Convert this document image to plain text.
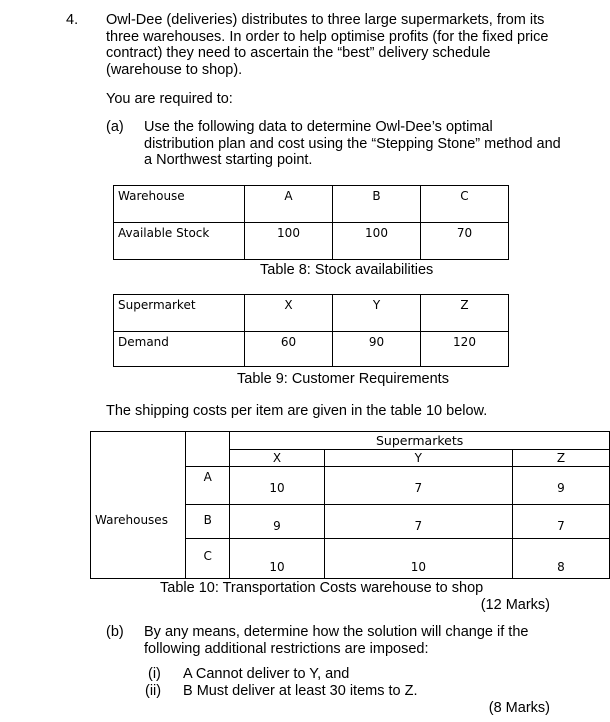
4. Owl-Dee (deliveries) distributes to three large supermarkets, from its three warehouses. In order to help optimise profits (for the fixed price contract) they need to ascertain the “best” delivery schedule (warehouse to shop).
You are required to:
(a) Use the following data to determine Owl-Dee’s optimal distribution plan and cost using the “Stepping Stone” method and a Northwest starting point.
Warehouse	A	B	C
Available Stock	100	100	70
Table 8: Stock availabilities
Supermarket	X	Y	Z
Demand	60	90	120
Table 9: Customer Requirements
The shipping costs per item are given in the table 10 below.
		Supermarkets		
		X	Y	Z
	A	10	7	9
Warehouses	B	9	7	7
	C	10	10	8
Table 10: Transportation Costs warehouse to shop
(12 Marks)
(b) By any means, determine how the solution will change if the following additional restrictions are imposed:
(i) A Cannot deliver to Y, and
(ii) B Must deliver at least 30 items to Z.
(8 Marks)
